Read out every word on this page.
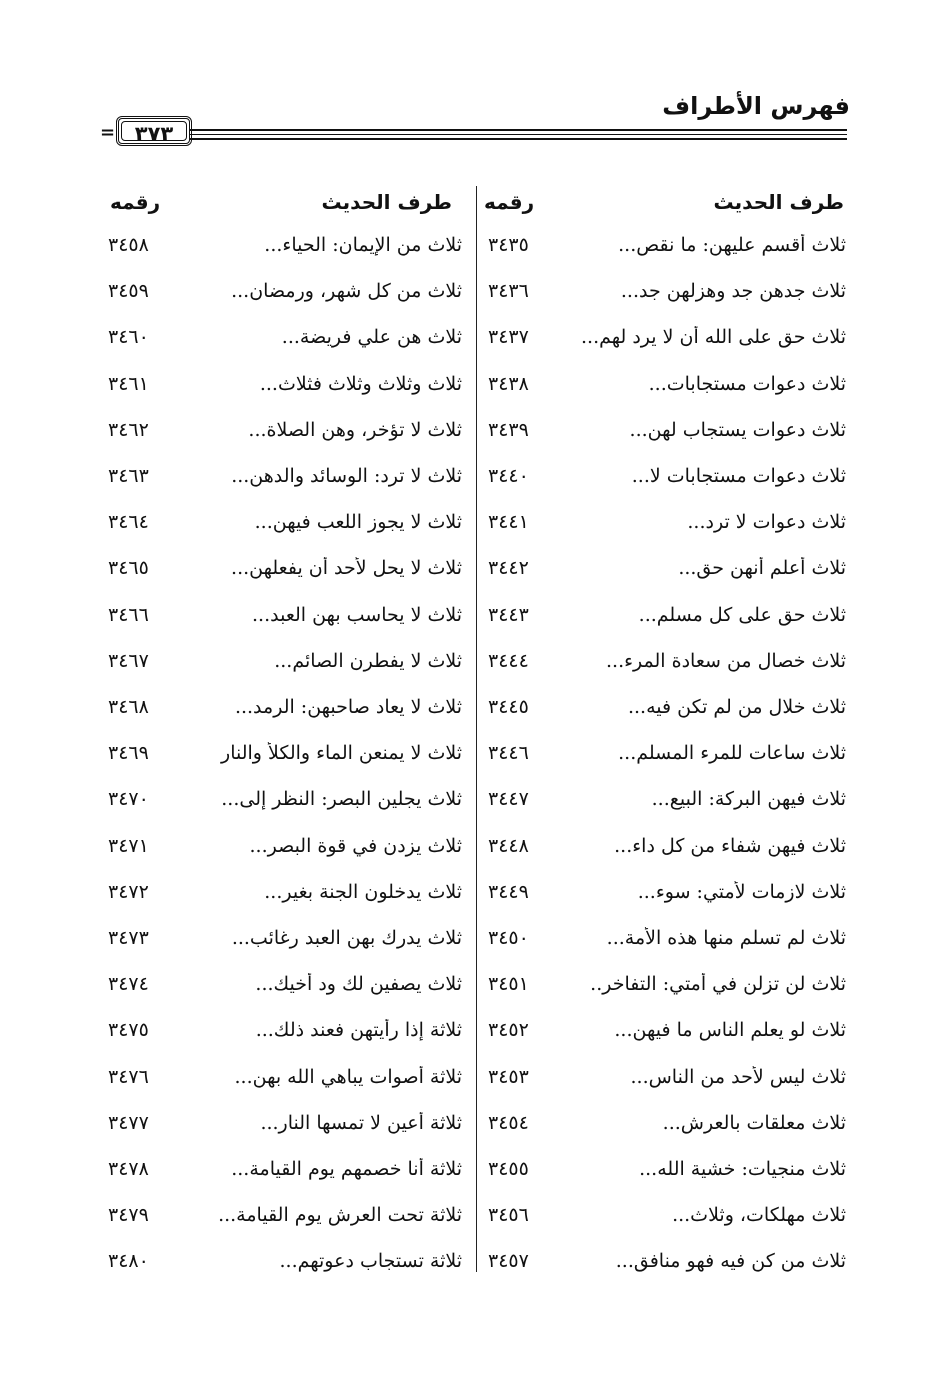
فهرس الأطراف
٣٧٣
=
طرف الحديث
رقمه
طرف الحديث
رقمه
ثلاث أقسم عليهن: ما نقص...
٣٤٣٥
ثلاث جدهن جد وهزلهن جد...
٣٤٣٦
ثلاث حق على الله أن لا يرد لهم...
٣٤٣٧
ثلاث دعوات مستجابات...
٣٤٣٨
ثلاث دعوات يستجاب لهن...
٣٤٣٩
ثلاث دعوات مستجابات لا...
٣٤٤٠
ثلاث دعوات لا ترد...
٣٤٤١
ثلاث أعلم أنهن حق...
٣٤٤٢
ثلاث حق على كل مسلم...
٣٤٤٣
ثلاث خصال من سعادة المرء...
٣٤٤٤
ثلاث خلال من لم تكن فيه...
٣٤٤٥
ثلاث ساعات للمرء المسلم...
٣٤٤٦
ثلاث فيهن البركة: البيع...
٣٤٤٧
ثلاث فيهن شفاء من كل داء...
٣٤٤٨
ثلاث لازمات لأمتي: سوء...
٣٤٤٩
ثلاث لم تسلم منها هذه الأمة...
٣٤٥٠
ثلاث لن تزلن في أمتي: التفاخر..
٣٤٥١
ثلاث لو يعلم الناس ما فيهن...
٣٤٥٢
ثلاث ليس لأحد من الناس...
٣٤٥٣
ثلاث معلقات بالعرش...
٣٤٥٤
ثلاث منجيات: خشية الله...
٣٤٥٥
ثلاث مهلكات، وثلاث...
٣٤٥٦
ثلاث من كن فيه فهو منافق...
٣٤٥٧
ثلاث من الإيمان: الحياء...
٣٤٥٨
ثلاث من كل شهر، ورمضان...
٣٤٥٩
ثلاث هن علي فريضة...
٣٤٦٠
ثلاث وثلاث وثلاث فثلاث...
٣٤٦١
ثلاث لا تؤخر، وهن الصلاة...
٣٤٦٢
ثلاث لا ترد: الوسائد والدهن...
٣٤٦٣
ثلاث لا يجوز اللعب فيهن...
٣٤٦٤
ثلاث لا يحل لأحد أن يفعلهن...
٣٤٦٥
ثلاث لا يحاسب بهن العبد...
٣٤٦٦
ثلاث لا يفطرن الصائم...
٣٤٦٧
ثلاث لا يعاد صاحبهن: الرمد...
٣٤٦٨
ثلاث لا يمنعن الماء والكلأ والنار
٣٤٦٩
ثلاث يجلين البصر: النظر إلى...
٣٤٧٠
ثلاث يزدن في قوة البصر...
٣٤٧١
ثلاث يدخلون الجنة بغير...
٣٤٧٢
ثلاث يدرك بهن العبد رغائب...
٣٤٧٣
ثلاث يصفين لك ود أخيك...
٣٤٧٤
ثلاثة إذا رأيتهن فعند ذلك...
٣٤٧٥
ثلاثة أصوات يباهي الله بهن...
٣٤٧٦
ثلاثة أعين لا تمسها النار...
٣٤٧٧
ثلاثة أنا خصمهم يوم القيامة...
٣٤٧٨
ثلاثة تحت العرش يوم القيامة...
٣٤٧٩
ثلاثة تستجاب دعوتهم...
٣٤٨٠
